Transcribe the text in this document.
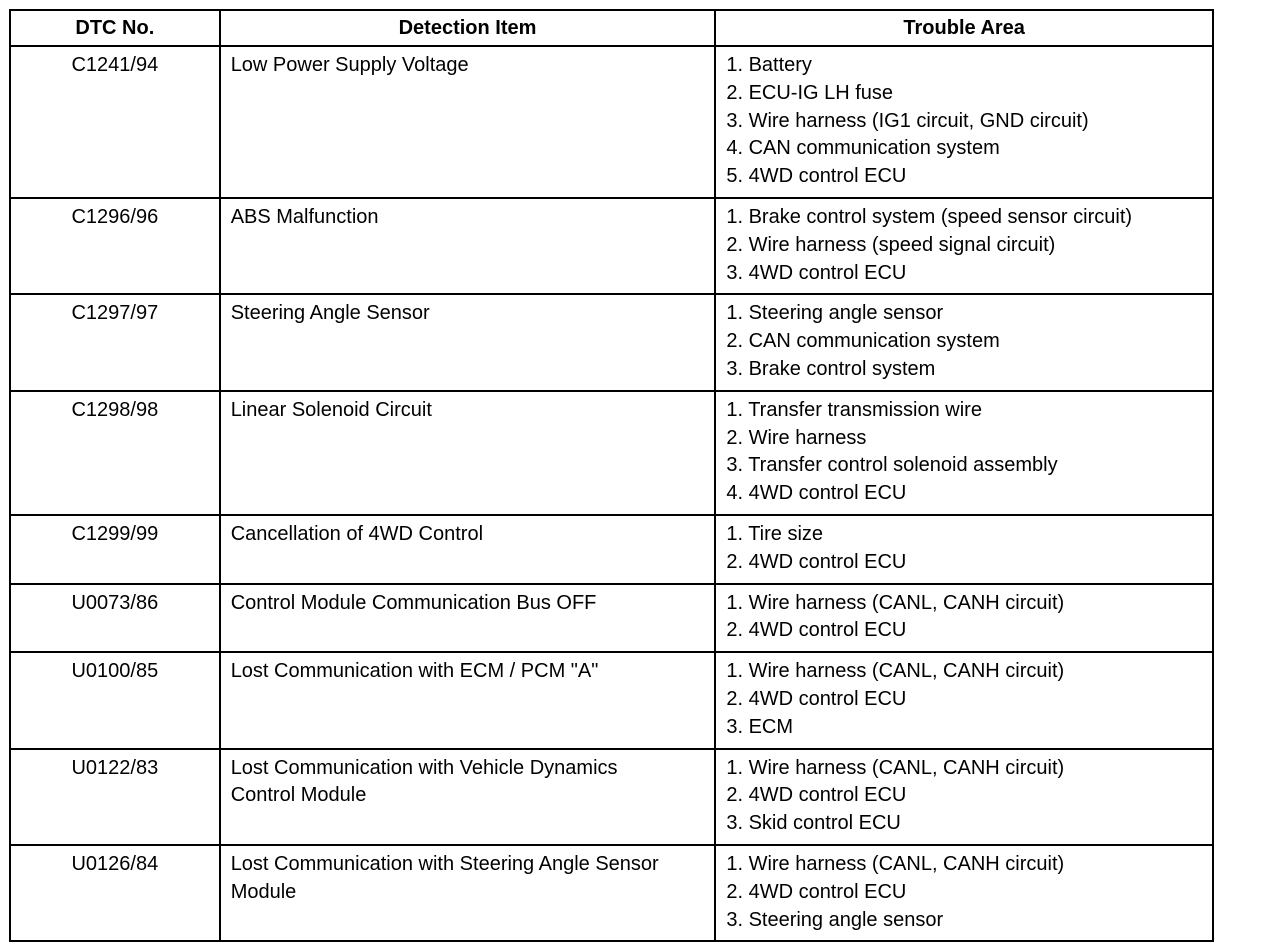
DTC No.	Detection Item	Trouble Area
C1241/94	Low Power Supply Voltage	1. Battery
2. ECU-IG LH fuse
3. Wire harness (IG1 circuit, GND circuit)
4. CAN communication system
5. 4WD control ECU

C1296/96	ABS Malfunction	1. Brake control system (speed sensor circuit)
2. Wire harness (speed signal circuit)
3. 4WD control ECU

C1297/97	Steering Angle Sensor	1. Steering angle sensor
2. CAN communication system
3. Brake control system

C1298/98	Linear Solenoid Circuit	1. Transfer transmission wire
2. Wire harness
3. Transfer control solenoid assembly
4. 4WD control ECU

C1299/99	Cancellation of 4WD Control	1. Tire size
2. 4WD control ECU

U0073/86	Control Module Communication Bus OFF	1. Wire harness (CANL, CANH circuit)
2. 4WD control ECU

U0100/85	Lost Communication with ECM / PCM "A"	1. Wire harness (CANL, CANH circuit)
2. 4WD control ECU
3. ECM

U0122/83	Lost Communication with Vehicle Dynamics
Control Module	1. Wire harness (CANL, CANH circuit)
2. 4WD control ECU
3. Skid control ECU

U0126/84	Lost Communication with Steering Angle Sensor
Module	1. Wire harness (CANL, CANH circuit)
2. 4WD control ECU
3. Steering angle sensor
